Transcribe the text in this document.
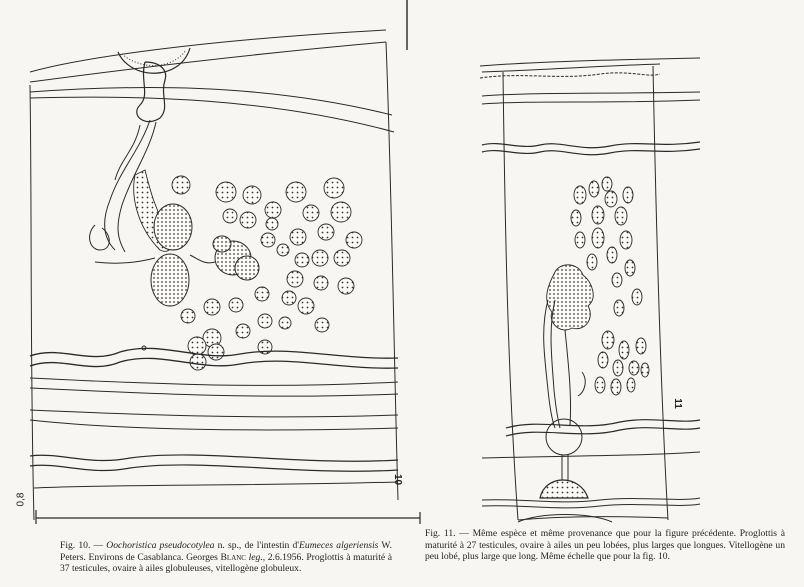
0,8
10
11
Fig. 10. — Oochoristica pseudocotylea n. sp., de l'intestin d'Eumeces algeriensis W. Peters. Environs de Casablanca. Georges Blanc leg., 2.6.1956. Proglottis à maturité à 37 testicules, ovaire à ailes globuleuses, vitellogène globuleux.
Fig. 11. — Même espèce et même provenance que pour la figure précédente. Proglottis à maturité à 27 testicules, ovaire à ailes un peu lobées, plus larges que longues. Vitellogène un peu lobé, plus large que long. Même échelle que pour la fig. 10.
